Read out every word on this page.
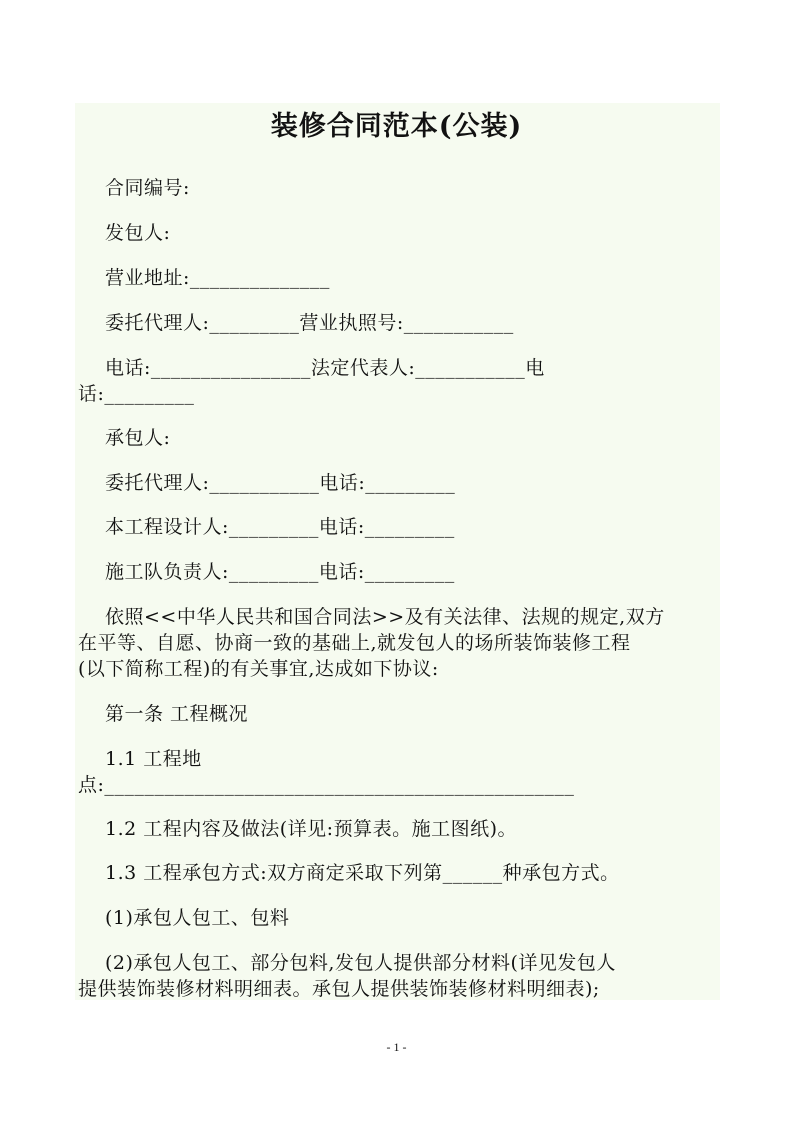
装修合同范本(公装)
合同编号:
发包人:
营业地址:______________
委托代理人:_________营业执照号:___________
电话:________________法定代表人:___________电
话:_________
承包人:
委托代理人:___________电话:_________
本工程设计人:_________电话:_________
施工队负责人:_________电话:_________
依照<<中华人民共和国合同法>>及有关法律、法规的规定,双方
在平等、自愿、协商一致的基础上,就发包人的场所装饰装修工程
(以下简称工程)的有关事宜,达成如下协议:
第一条 工程概况
1.1 工程地
点:_______________________________________________
1.2 工程内容及做法(详见:预算表。施工图纸)。
1.3 工程承包方式:双方商定采取下列第______种承包方式。
(1)承包人包工、包料
(2)承包人包工、部分包料,发包人提供部分材料(详见发包人
提供装饰装修材料明细表。承包人提供装饰装修材料明细表);
- 1 -
